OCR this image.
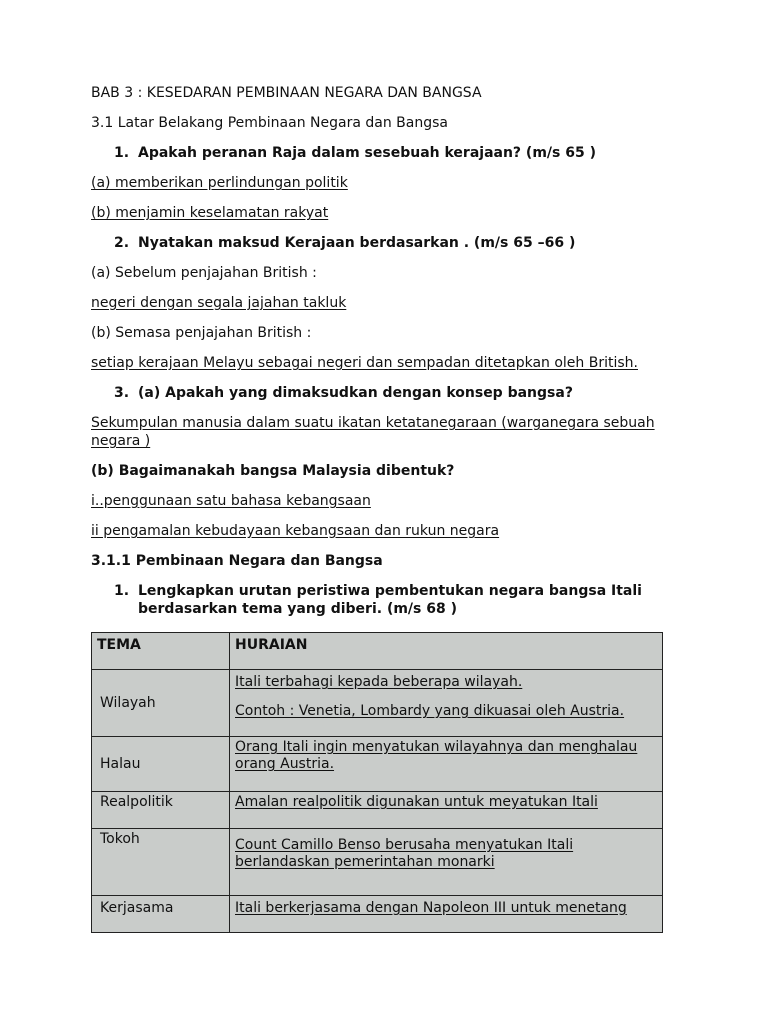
BAB 3 : KESEDARAN PEMBINAAN NEGARA DAN BANGSA
3.1 Latar Belakang Pembinaan Negara dan Bangsa
1. Apakah peranan Raja dalam sesebuah kerajaan? (m/s 65 )
(a) memberikan perlindungan politik
(b) menjamin keselamatan rakyat
2. Nyatakan maksud Kerajaan berdasarkan . (m/s 65 –66 )
(a) Sebelum penjajahan British :
negeri dengan segala jajahan takluk
(b) Semasa penjajahan British :
setiap kerajaan Melayu sebagai negeri dan sempadan ditetapkan oleh British.
3. (a) Apakah yang dimaksudkan dengan konsep bangsa?
Sekumpulan manusia dalam suatu ikatan ketatanegaraan (warganegara sebuah
negara )
(b) Bagaimanakah bangsa Malaysia dibentuk?
i..penggunaan satu bahasa kebangsaan
ii pengamalan kebudayaan kebangsaan dan rukun negara
3.1.1 Pembinaan Negara dan Bangsa
1. Lengkapkan urutan peristiwa pembentukan negara bangsa Itali
berdasarkan tema yang diberi. (m/s 68 )
TEMA	HURAIAN
Wilayah	Itali terbahagi kepada beberapa wilayah.

Contoh : Venetia, Lombardy yang dikuasai oleh Austria.

Halau	Orang Itali ingin menyatukan wilayahnya dan menghalau

orang Austria.

Realpolitik	Amalan realpolitik digunakan untuk meyatukan Itali

Tokoh	Count Camillo Benso berusaha menyatukan Itali

berlandaskan pemerintahan monarki

Kerjasama	Itali berkerjasama dengan Napoleon III untuk menetang
